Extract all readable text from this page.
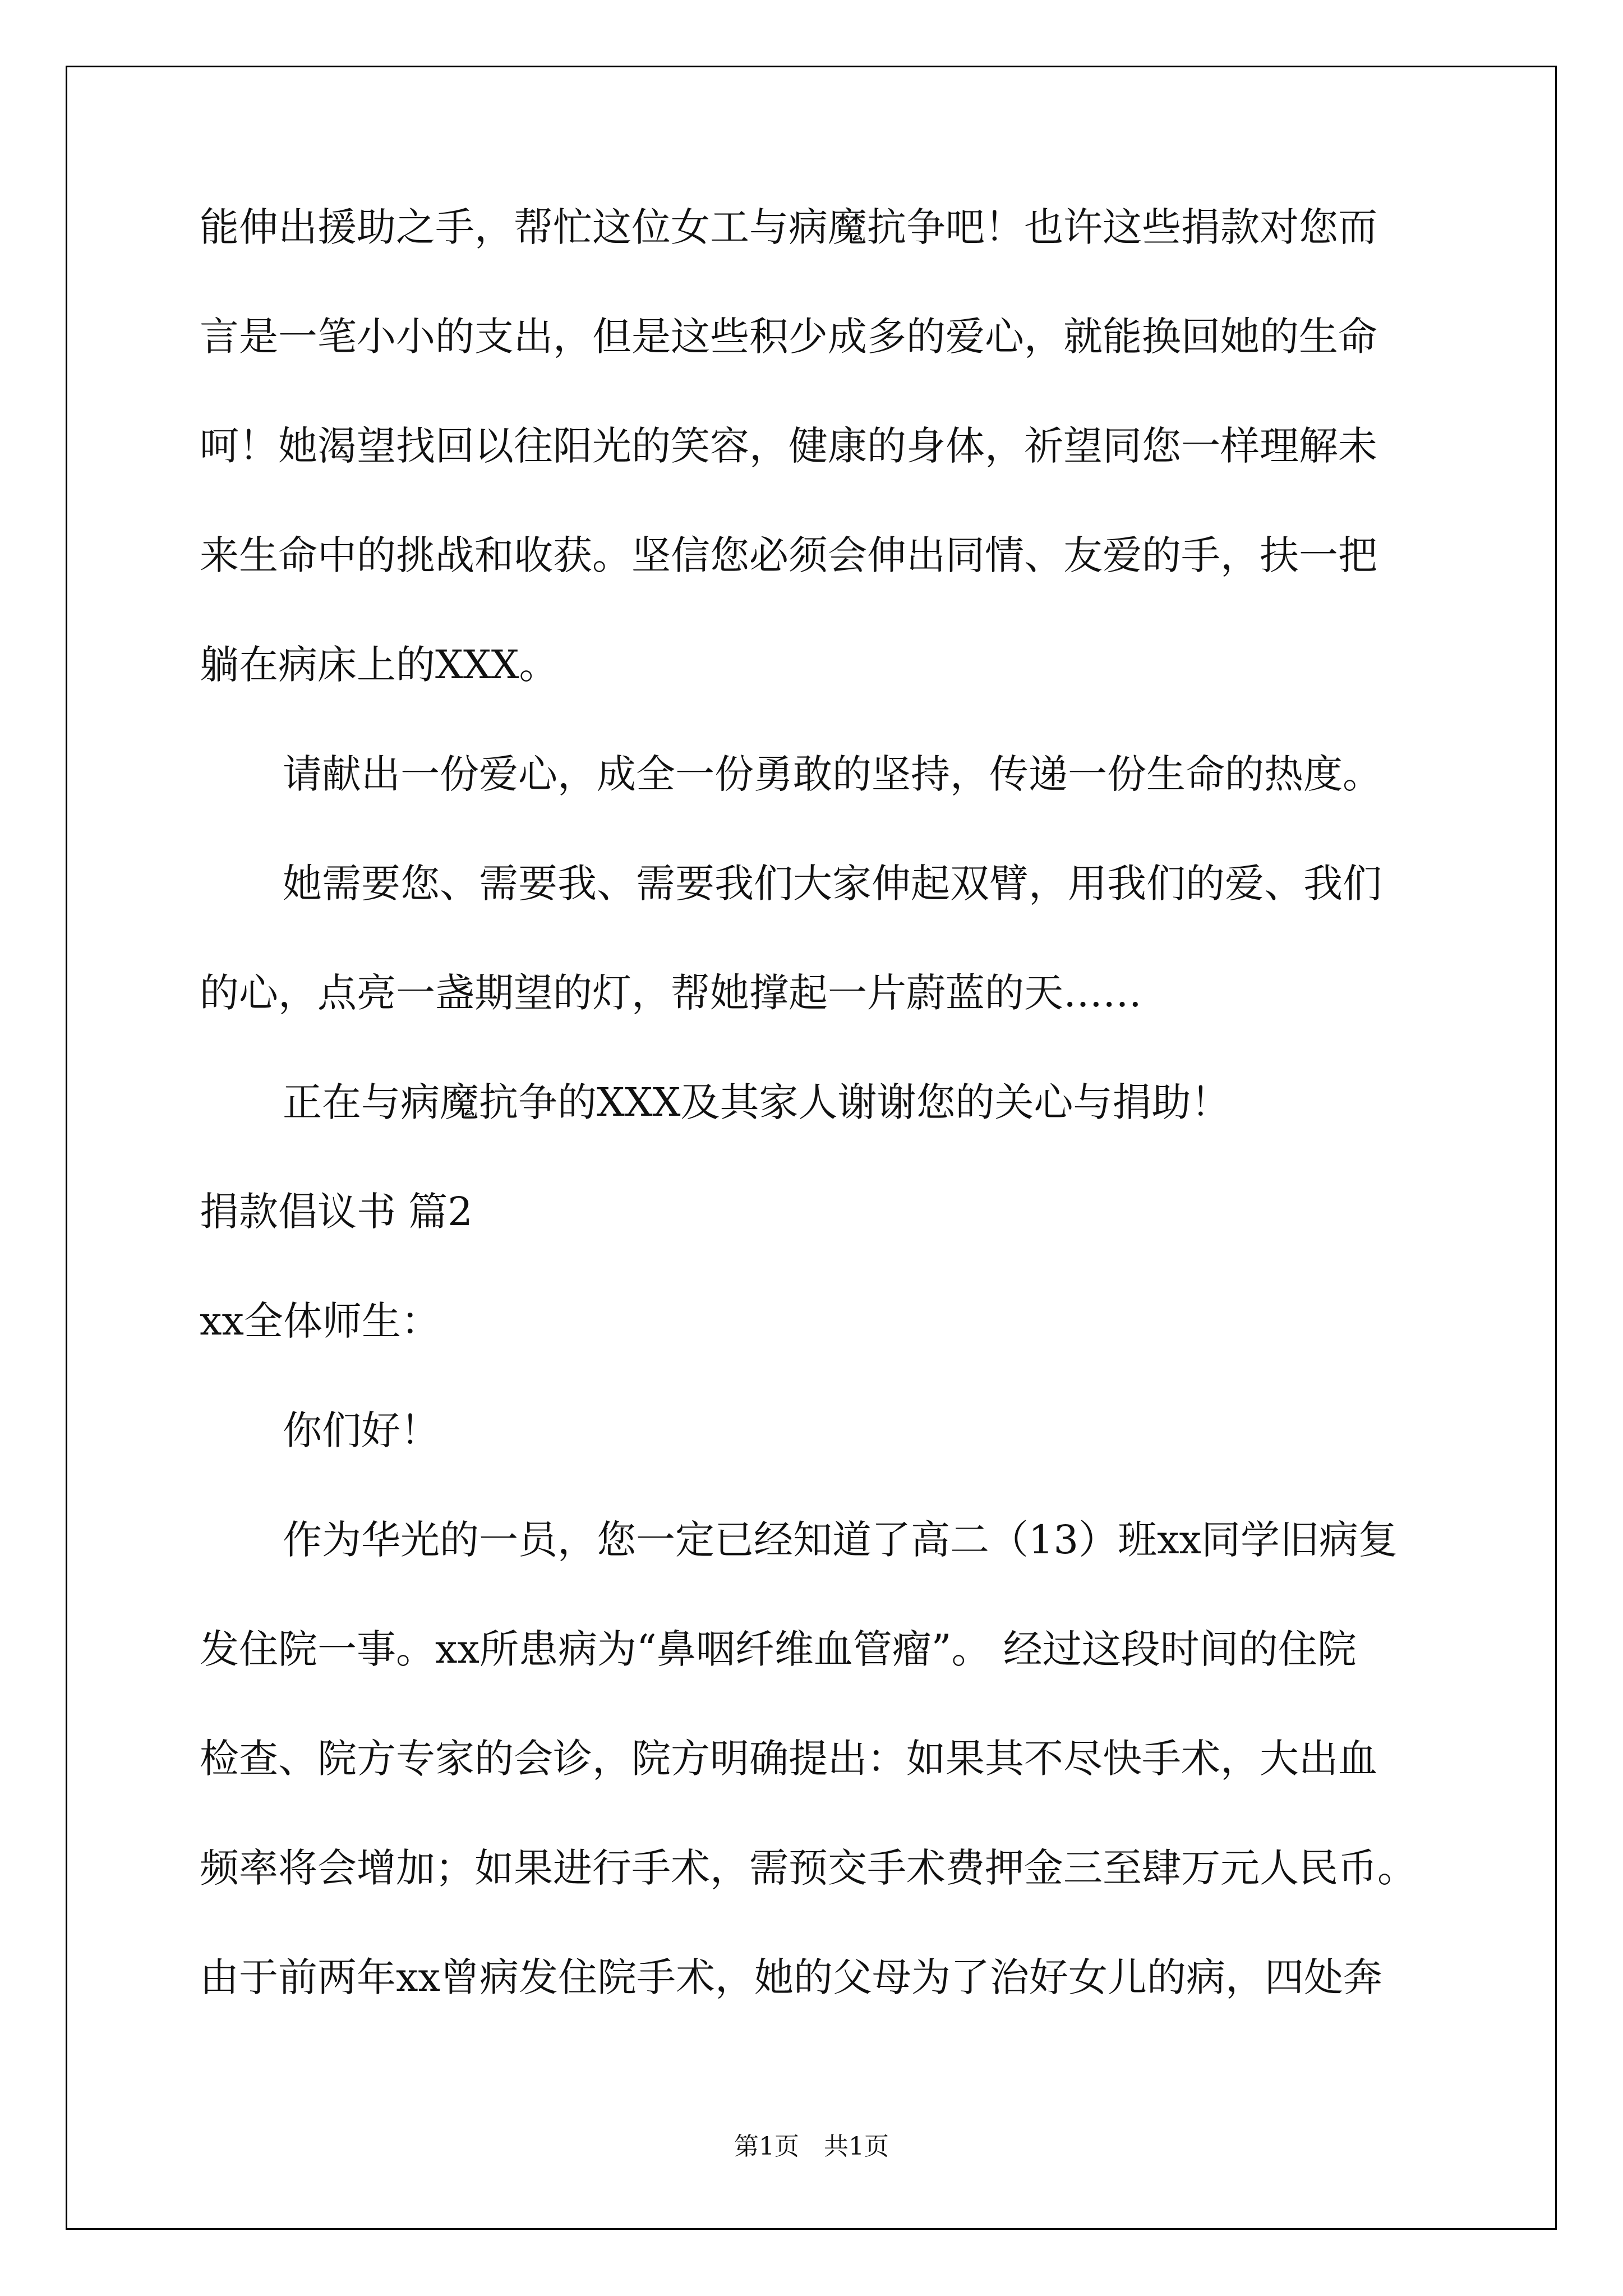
能伸出援助之手，帮忙这位女工与病魔抗争吧！也许这些捐款对您而
言是一笔小小的支出，但是这些积少成多的爱心，就能换回她的生命
呵！她渴望找回以往阳光的笑容，健康的身体，祈望同您一样理解未
来生命中的挑战和收获。坚信您必须会伸出同情、友爱的手，扶一把
躺在病床上的XXX。
请献出一份爱心，成全一份勇敢的坚持，传递一份生命的热度。
她需要您、需要我、需要我们大家伸起双臂，用我们的爱、我们
的心，点亮一盏期望的灯，帮她撑起一片蔚蓝的天……
正在与病魔抗争的XXX及其家人谢谢您的关心与捐助！
捐款倡议书 篇2
xx全体师生：
你们好！
作为华光的一员，您一定已经知道了高二（13）班xx同学旧病复
发住院一事。xx所患病为“鼻咽纤维血管瘤”。 经过这段时间的住院
检查、院方专家的会诊，院方明确提出：如果其不尽快手术，大出血
频率将会增加；如果进行手术，需预交手术费押金三至肆万元人民币。
由于前两年xx曾病发住院手术，她的父母为了治好女儿的病，四处奔
第1页　共1页
